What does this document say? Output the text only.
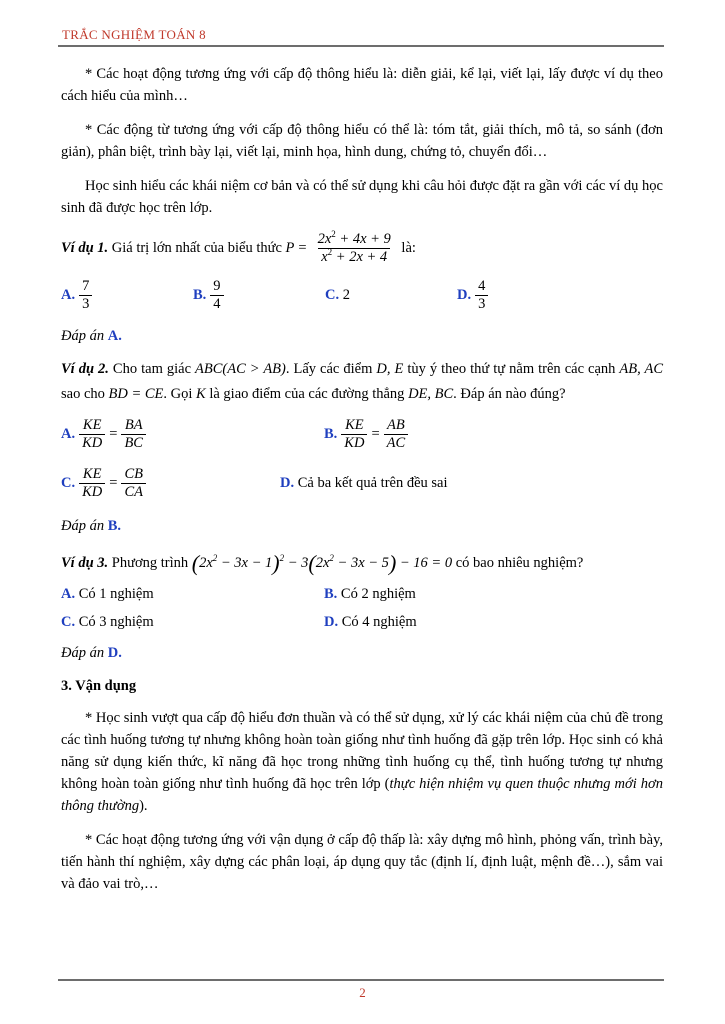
TRẮC NGHIỆM TOÁN 8

* Các hoạt động tương ứng với cấp độ thông hiểu là: diễn giải, kể lại, viết lại, lấy được ví dụ theo cách hiểu của mình…

* Các động từ tương ứng với cấp độ thông hiểu có thể là: tóm tắt, giải thích, mô tả, so sánh (đơn giản), phân biệt, trình bày lại, viết lại, minh họa, hình dung, chứng tỏ, chuyển đổi…

Học sinh hiểu các khái niệm cơ bản và có thể sử dụng khi câu hỏi được đặt ra gần với các ví dụ học sinh đã được học trên lớp.

Ví dụ 1.
Giá trị lớn nhất của biểu thức
$P = \frac{2x^2 + 4x + 9}{x^2 + 2x + 4}$
là:
A. $\frac{7}{3}$	B. $\frac{9}{4}$	C.
2	D. $\frac{4}{3}$

Đáp án A.

Ví dụ 2. Cho tam giác ABC(AC > AB). Lấy các điểm D, E tùy ý theo thứ tự nằm trên các cạnh AB, AC sao cho BD = CE. Gọi K là giao điểm của các đường thẳng DE, BC. Đáp án nào đúng?

A. $\frac{KE}{KD} = \frac{BA}{BC}$	B. $\frac{KE}{KD} = \frac{AB}{AC}$
C. $\frac{KE}{KD} = \frac{CB}{CA}$	D.
Cả ba kết quả trên đều sai

Đáp án B.

Ví dụ 3. Phương trình $(2x^2 - 3x - 1)^2 - 3(2x^2 - 3x - 5) - 16 = 0$ có bao nhiêu nghiệm?

A.
Có 1 nghiệm	B.
Có 2 nghiệm
C.
Có 3 nghiệm	D.
Có 4 nghiệm

Đáp án D.

3. Vận dụng

* Học sinh vượt qua cấp độ hiểu đơn thuần và có thể sử dụng, xử lý các khái niệm của chủ đề trong các tình huống tương tự nhưng không hoàn toàn giống như tình huống đã gặp trên lớp. Học sinh có khả năng sử dụng kiến thức, kĩ năng đã học trong những tình huống cụ thể, tình huống tương tự nhưng không hoàn toàn giống như tình huống đã học trên lớp (thực hiện nhiệm vụ quen thuộc nhưng mới hơn thông thường).

* Các hoạt động tương ứng với vận dụng ở cấp độ thấp là: xây dựng mô hình, phỏng vấn, trình bày, tiến hành thí nghiệm, xây dựng các phân loại, áp dụng quy tắc (định lí, định luật, mệnh đề…), sắm vai và đảo vai trò,…

2
